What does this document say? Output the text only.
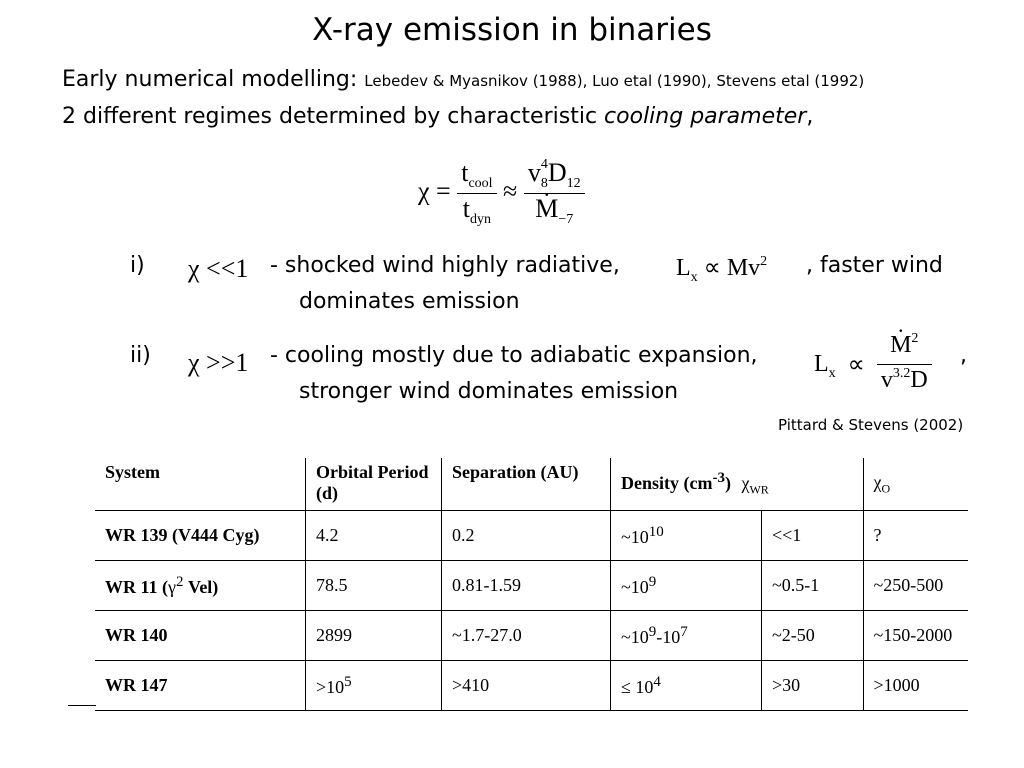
X-ray emission in binaries
Early numerical modelling: Lebedev & Myasnikov (1988), Luo etal (1990), Stevens etal (1992)
2 different regimes determined by characteristic cooling parameter,
$\chi = \frac{t_{cool}}{t_{dyn}} \approx v$ 4
8 $D_{12}$
· $M_{-7}$
i) χ <<1 - shocked wind highly radiative, $L_x \propto Mv^2$ , faster wind
dominates emission
ii) χ >>1 - cooling mostly due to adiabatic expansion, $L_x$ ∝ · $\frac{M^2}{v^{3.2}D}$ ,
stronger wind dominates emission
Pittard & Stevens (2002)
System	Orbital Period (d)	Separation (AU)	Density $(cm^{-3})$ $\chi_{WR}$		$\chi_O$
WR 139 (V444 Cyg)	4.2	0.2	$\sim 10^{10}$	<<1	?
WR 11 ($\gamma^2$ Vel)	78.5	0.81-1.59	$\sim 10^9$	~0.5-1	~250-500
WR 140	2899	~1.7-27.0	$\sim 10^9-10^7$	~2-50	~150-2000
WR 147	$>10^5$	>410	≤ $10^4$	>30	>1000
